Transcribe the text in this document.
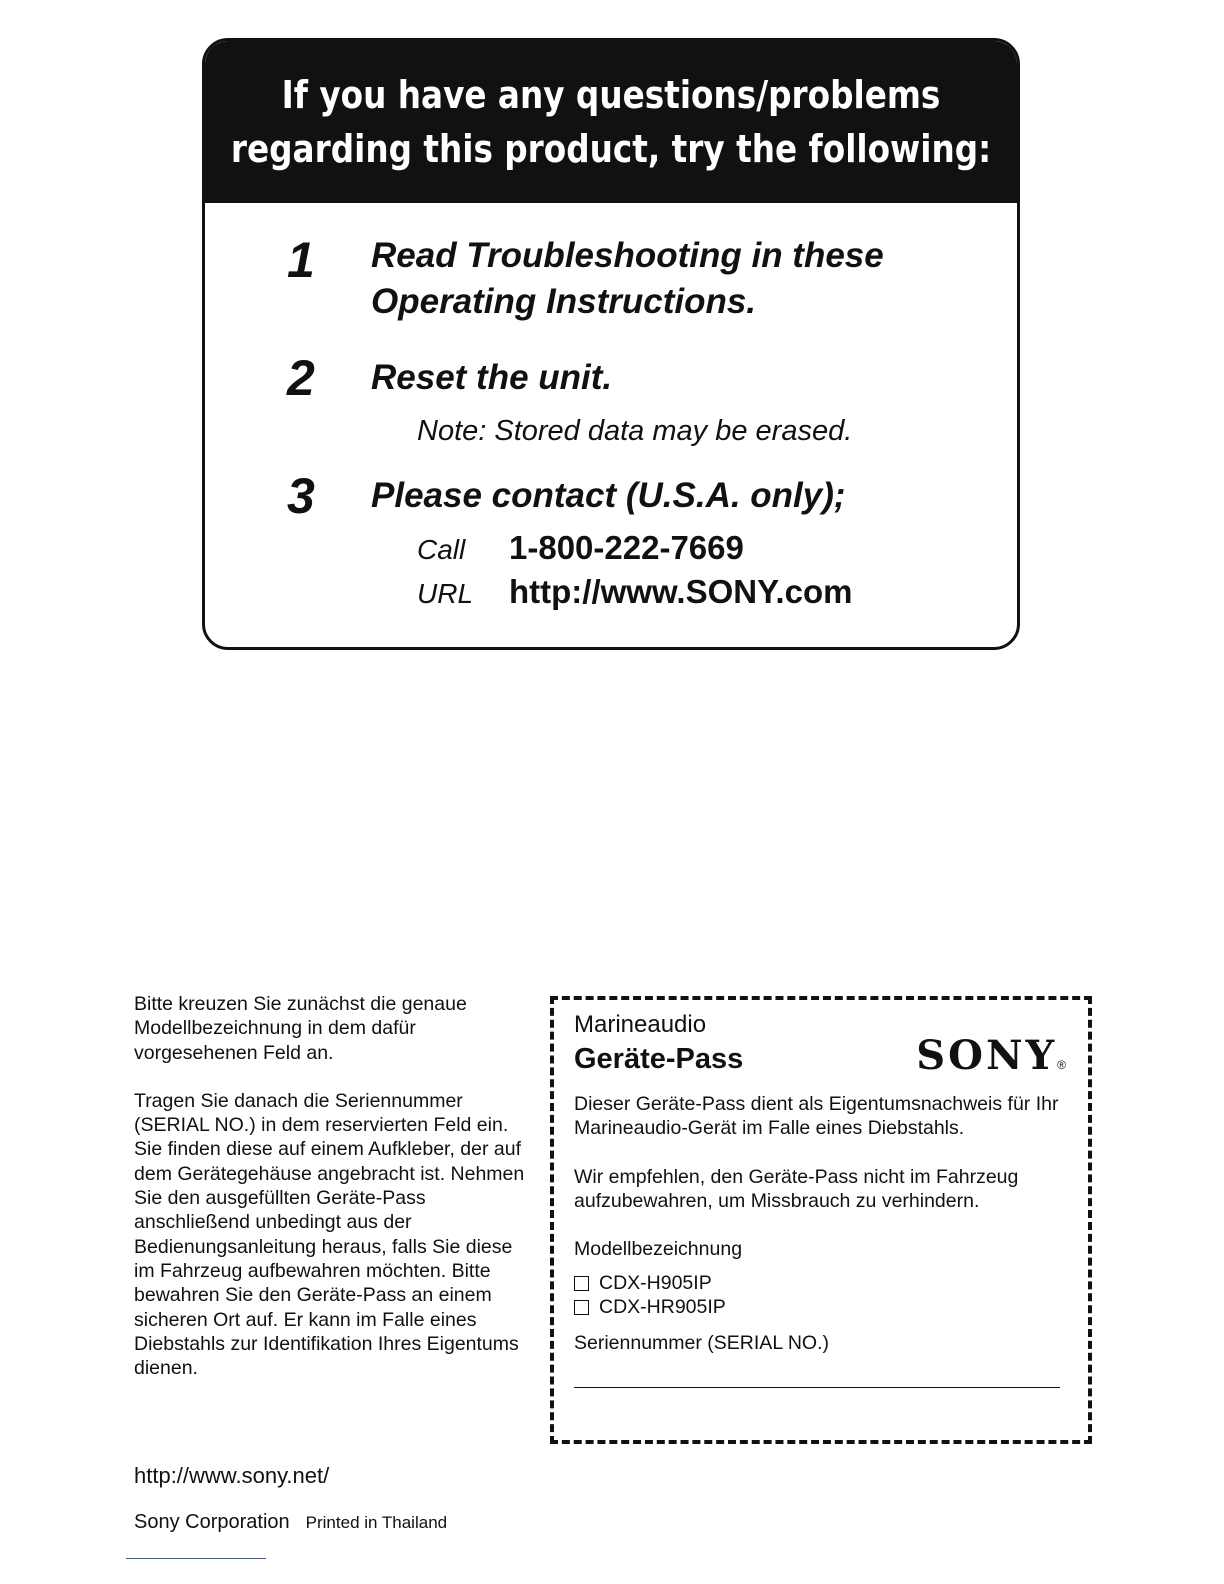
If you have any questions/problems
regarding this product, try the following:
1 Read Troubleshooting in these
Operating Instructions.
2 Reset the unit.
Note: Stored data may be erased.
3 Please contact (U.S.A. only);
Call	1-800-222-7669
URL	http://www.SONY.com

Bitte kreuzen Sie zunächst die genaue Modellbezeichnung in dem dafür vorgesehenen Feld an.

Tragen Sie danach die Seriennummer (SERIAL NO.) in dem reservierten Feld ein. Sie finden diese auf einem Aufkleber, der auf dem Gerätegehäuse angebracht ist. Nehmen Sie den ausgefüllten Geräte-Pass anschließend unbedingt aus der Bedienungsanleitung heraus, falls Sie diese im Fahrzeug aufbewahren möchten. Bitte bewahren Sie den Geräte-Pass an einem sicheren Ort auf. Er kann im Falle eines Diebstahls zur Identifikation Ihres Eigentums dienen.

Marineaudio
Geräte-Pass	SONY®

Dieser Geräte-Pass dient als Eigentumsnachweis für Ihr Marineaudio-Gerät im Falle eines Diebstahls.

Wir empfehlen, den Geräte-Pass nicht im Fahrzeug aufzubewahren, um Missbrauch zu verhindern.

Modellbezeichnung
CDX-H905IP
CDX-HR905IP
Seriennummer (SERIAL NO.)
http://www.sony.net/
Sony Corporation Printed in Thailand
